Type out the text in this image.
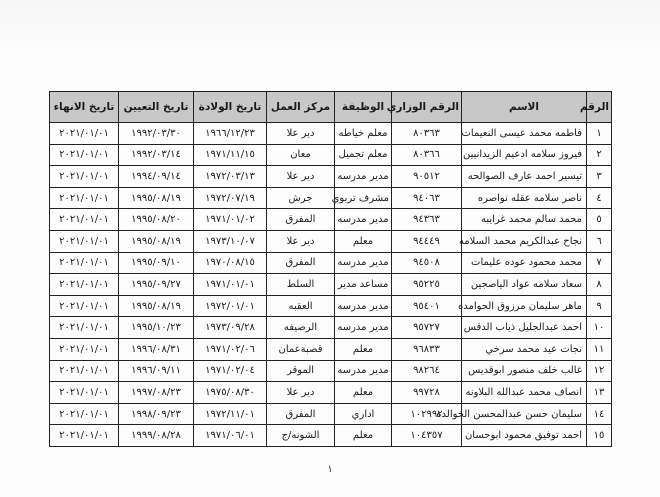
الرقم	الاسم	الرقم الوزاري	الوظيفة	مركز العمل	تاريخ الولادة	تاريخ التعيين	تاريخ الانهاء
١	فاطمه محمد عيسى النعيمات	٨٠٣٦٣	معلم خياطه	دير علا	١٩٦٦/١٢/٢٣	١٩٩٢/٠٣/٣٠	٢٠٢١/٠١/٠١
٢	فيروز سلامه ادعيم الزيدانيين	٨٠٣٦٦	معلم تجميل	معان	١٩٧١/١١/١٥	١٩٩٢/٠٣/١٤	٢٠٢١/٠١/٠١
٣	تيسير احمد عارف الصوالحه	٩٠٥١٢	مدير مدرسه	دير علا	١٩٧٢/٠٣/١٣	١٩٩٤/٠٩/١٤	٢٠٢١/٠١/٠١
٤	ناصر سلامه عقله نواصره	٩٤٠٦٣	مشرف تربوي	جرش	١٩٧٢/٠٧/١٩	١٩٩٥/٠٨/١٩	٢٠٢١/٠١/٠١
٥	محمد سالم محمد غرايبه	٩٤٣٦٣	مدير مدرسه	المفرق	١٩٧١/٠١/٠٢	١٩٩٥/٠٨/٢٠	٢٠٢١/٠١/٠١
٦	نجاح عبدالكريم محمد السلامه	٩٤٤٤٩	معلم	دير علا	١٩٧٣/١٠/٠٧	١٩٩٥/٠٨/١٩	٢٠٢١/٠١/٠١
٧	محمد محمود عوده عليمات	٩٤٥٠٨	مدير مدرسه	المفرق	١٩٧٠/٠٨/١٥	١٩٩٥/٠٩/١٠	٢٠٢١/٠١/٠١
٨	سعاد سلامه عواد الياصجين	٩٥٢٢٥	مساعد مدير	السلط	١٩٧١/٠١/٠١	١٩٩٥/٠٩/٢٧	٢٠٢١/٠١/٠١
٩	ماهر سليمان مرزوق الحوامده	٩٥٤٠١	مدير مدرسه	العقبه	١٩٧٢/٠١/٠١	١٩٩٥/٠٨/١٩	٢٠٢١/٠١/٠١
١٠	احمد عبدالجليل ذياب الدقس	٩٥٧٢٧	مدير مدرسه	الرصيفه	١٩٧٣/٠٩/٢٨	١٩٩٥/١٠/٢٣	٢٠٢١/٠١/٠١
١١	نجات عيد محمد سرخي	٩٦٨٣٣	معلم	قصبةعمان	١٩٧١/٠٢/٠٦	١٩٩٦/٠٨/٣١	٢٠٢١/٠١/٠١
١٢	غالب خلف منصور ابوقديس	٩٨٢٦٤	مدير مدرسه	الموقر	١٩٧١/٠٢/٠٤	١٩٩٦/٠٩/١١	٢٠٢١/٠١/٠١
١٣	انصاف محمد عبدالله البلاونه	٩٩٧٢٨	معلم	دير علا	١٩٧٥/٠٨/٣٠	١٩٩٧/٠٨/٢٣	٢٠٢١/٠١/٠١
١٤	سليمان حسن عبدالمحسن الخوالده	١٠٢٩٩٢	اداري	المفرق	١٩٧٢/١١/٠١	١٩٩٨/٠٩/٢٣	٢٠٢١/٠١/٠١
١٥	احمد توفيق محمود ابوحسان	١٠٤٣٥٧	معلم	الشونه/ج	١٩٧١/٠٦/٠١	١٩٩٩/٠٨/٢٨	٢٠٢١/٠١/٠١
١
